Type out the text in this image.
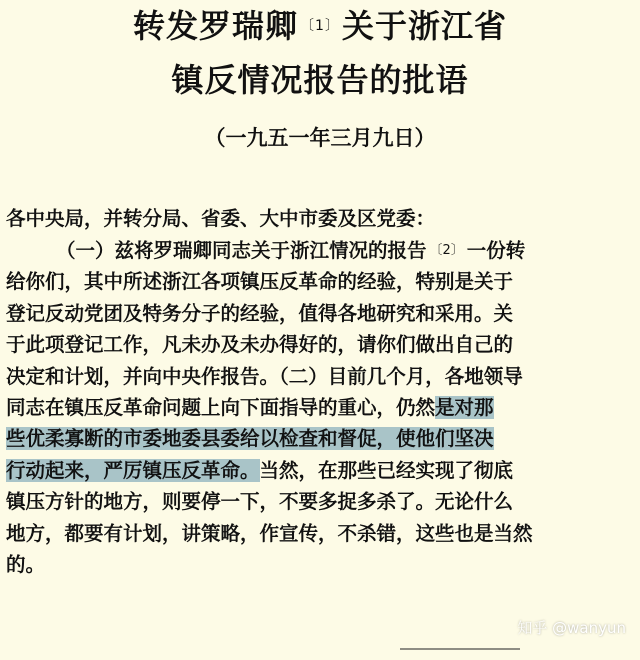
转发罗瑞卿 $^{〔1〕}$关于浙江省
镇反情况报告的批语
（一九五一年三月九日）
各中央局，并转分局、省委、大中市委及区党委：
（一）兹将罗瑞卿同志关于浙江情况的报告 $^{〔2〕}$ 一份转
给你们，其中所述浙江各项镇压反革命的经验，特别是关于
登记反动党团及特务分子的经验，值得各地研究和采用。关
于此项登记工作，凡未办及未办得好的，请你们做出自己的
决定和计划，并向中央作报告。（二）目前几个月，各地领导
同志在镇压反革命问题上向下面指导的重心，仍然是对那
些优柔寡断的市委地委县委给以检查和督促，使他们坚决
行动起来，严厉镇压反革命。当然，在那些已经实现了彻底
镇压方针的地方，则要停一下，不要多捉多杀了。无论什么
地方，都要有计划，讲策略，作宣传，不杀错，这些也是当然
的。
知乎 @wanyun
